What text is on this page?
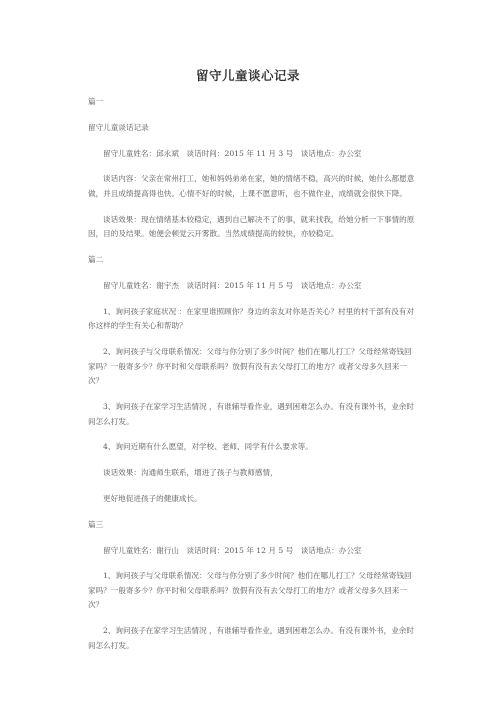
留守儿童谈心记录

篇一

留守儿童谈话记录

留守儿童姓名：邱永斌　谈话时间：2015 年 11 月 3 号　谈话地点：办公室

谈话内容：父亲在常州打工，她和妈妈弟弟在家，她的情绪不稳，高兴的时候，她什么都愿意做，并且成绩提高得也快。心情不好的时候，上课不愿意听，也不做作业，成绩就会很快下降。

谈话效果：现在情绪基本较稳定，遇到自己解决不了的事，就来找我，给她分析一下事情的原因，目的及结果。她便会顿觉云开雾散。当然成绩提高的较快，亦较稳定。

篇二

留守儿童姓名：谢宇杰　谈话时间：2015 年 11 月 5 号　谈话地点：办公室

1、询问孩子家庭状况 ：在家里谁照顾你？身边的亲友对你是否关心？村里的村干部有没有对你这样的学生有关心和帮助？

2、询问孩子与父母联系情况：父母与你分别了多少时间？他们在哪儿打工？父母经常寄钱回家吗？一般寄多少？你平时和父母联系吗？放假有没有去父母打工的地方？或者父母多久回来一次？

3、询问孩子在家学习生活情况 ，有谁辅导看作业，遇到困难怎么办。有没有课外书，业余时间怎么打发。

4、询问近期有什么愿望，对学校、老师、同学有什么要求等。

谈话效果：沟通师生联系，增进了孩子与教师感情，

更好地促进孩子的健康成长。

篇三

留守儿童姓名：谢行山　谈话时间：2015 年 12 月 5 号　谈话地点：办公室

1、询问孩子与父母联系情况：父母与你分别了多少时间？他们在哪儿打工？父母经常寄钱回家吗？一般寄多少？你平时和父母联系吗？放假有没有去父母打工的地方？或者父母多久回来一次？

2、询问孩子在家学习生活情况 ，有谁辅导看作业，遇到困难怎么办。有没有课外书，业余时间怎么打发。
